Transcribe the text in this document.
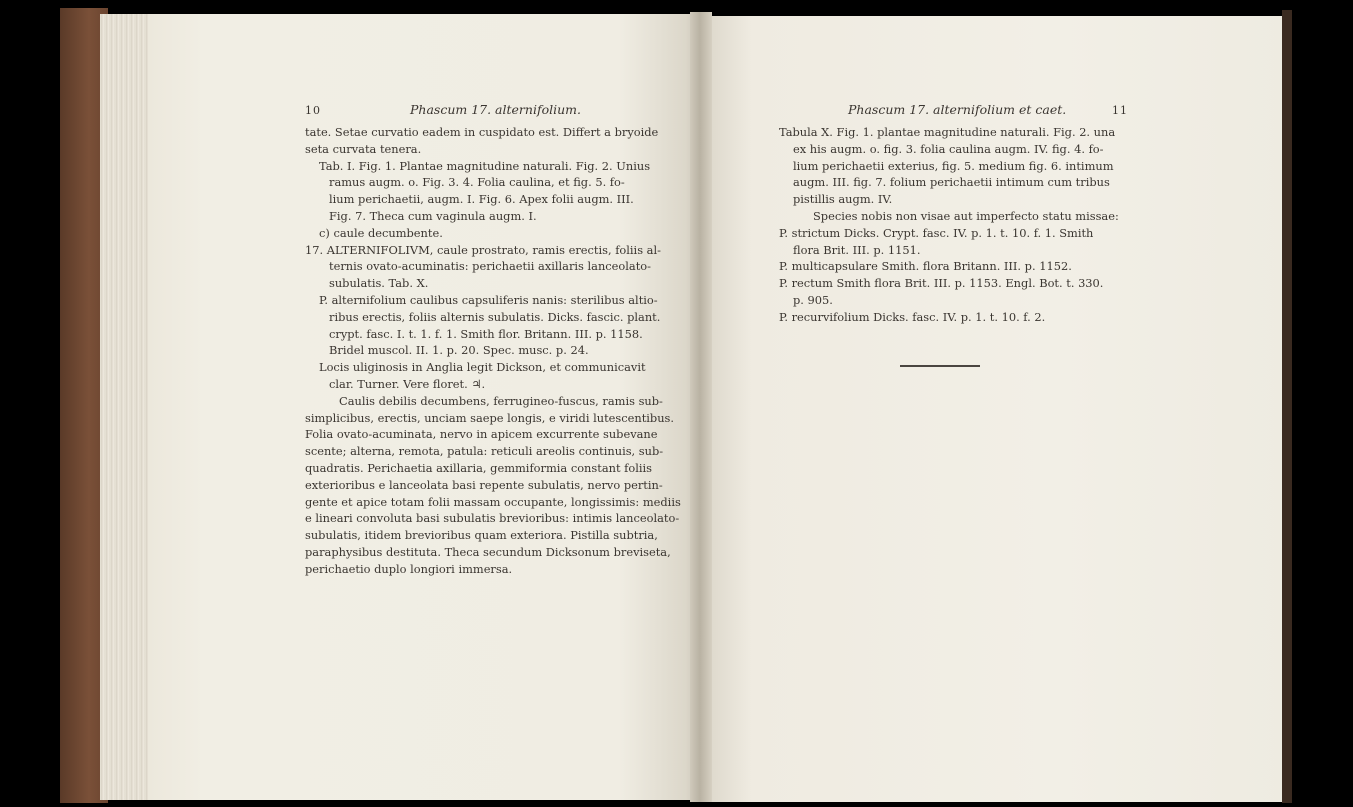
10	Phascum 17. alternifolium.
tate. Setae curvatio eadem in cuspidato est. Differt a bryoide
seta curvata tenera.
Tab. I. Fig. 1. Plantae magnitudine naturali. Fig. 2. Unius
ramus augm. o. Fig. 3. 4. Folia caulina, et fig. 5. fo-
lium perichaetii, augm. I. Fig. 6. Apex folii augm. III.
Fig. 7. Theca cum vaginula augm. I.
c) caule decumbente.
17. ALTERNIFOLIVM, caule prostrato, ramis erectis, foliis al-
ternis ovato-acuminatis: perichaetii axillaris lanceolato-
subulatis. Tab. X.
P. alternifolium caulibus capsuliferis nanis: sterilibus altio-
ribus erectis, foliis alternis subulatis. Dicks. fascic. plant.
crypt. fasc. I. t. 1. f. 1. Smith flor. Britann. III. p. 1158.
Bridel muscol. II. 1. p. 20. Spec. musc. p. 24.
Locis uliginosis in Anglia legit Dickson, et communicavit
clar. Turner. Vere floret. ♃.
Caulis debilis decumbens, ferrugineo-fuscus, ramis sub-
simplicibus, erectis, unciam saepe longis, e viridi lutescentibus.
Folia ovato-acuminata, nervo in apicem excurrente subevane
scente; alterna, remota, patula: reticuli areolis continuis, sub-
quadratis. Perichaetia axillaria, gemmiformia constant foliis
exterioribus e lanceolata basi repente subulatis, nervo pertin-
gente et apice totam folii massam occupante, longissimis: mediis
e lineari convoluta basi subulatis brevioribus: intimis lanceolato-
subulatis, itidem brevioribus quam exteriora. Pistilla subtria,
paraphysibus destituta. Theca secundum Dicksonum breviseta,
perichaetio duplo longiori immersa.
Phascum 17. alternifolium et caet.	11
Tabula X. Fig. 1. plantae magnitudine naturali. Fig. 2. una
ex his augm. o. fig. 3. folia caulina augm. IV. fig. 4. fo-
lium perichaetii exterius, fig. 5. medium fig. 6. intimum
augm. III. fig. 7. folium perichaetii intimum cum tribus
pistillis augm. IV.
Species nobis non visae aut imperfecto statu missae:
P. strictum Dicks. Crypt. fasc. IV. p. 1. t. 10. f. 1. Smith
flora Brit. III. p. 1151.
P. multicapsulare Smith. flora Britann. III. p. 1152.
P. rectum Smith flora Brit. III. p. 1153. Engl. Bot. t. 330.
p. 905.
P. recurvifolium Dicks. fasc. IV. p. 1. t. 10. f. 2.
